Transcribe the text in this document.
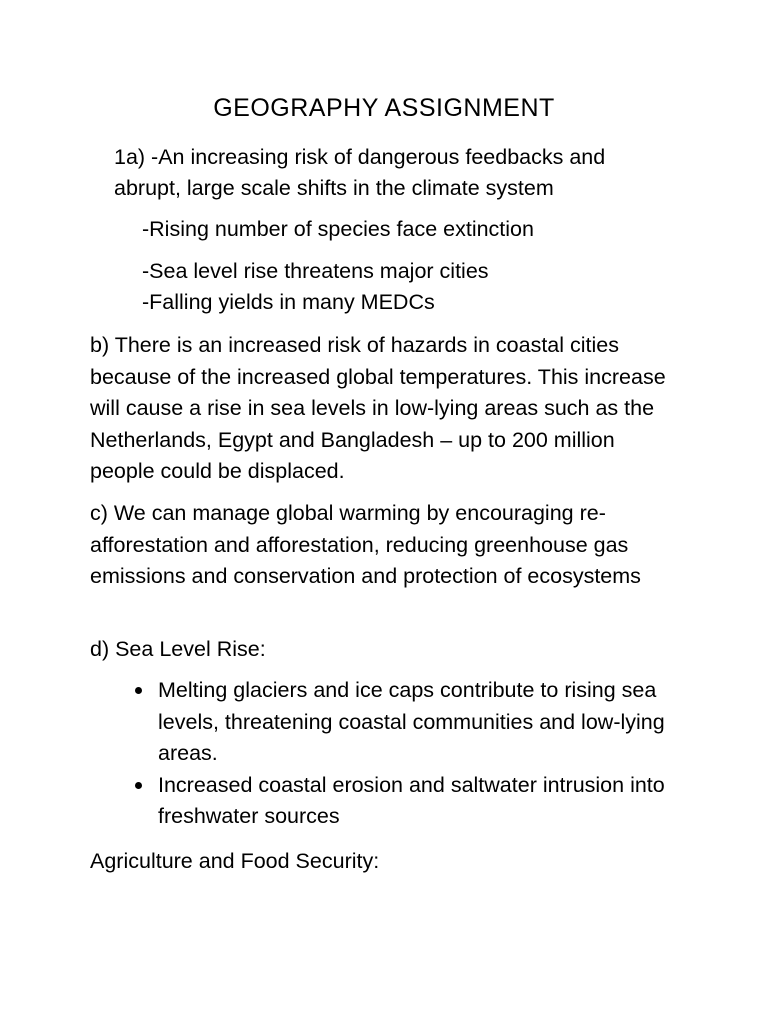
GEOGRAPHY ASSIGNMENT
1a) -An increasing risk of dangerous feedbacks and
abrupt, large scale shifts in the climate system
-Rising number of species face extinction
-Sea level rise threatens major cities
-Falling yields in many MEDCs
b) There is an increased risk of hazards in coastal cities because of the increased global temperatures. This increase will cause a rise in sea levels in low-lying areas such as the Netherlands, Egypt and Bangladesh – up to 200 million people could be displaced.
c) We can manage global warming by encouraging re-afforestation and afforestation, reducing greenhouse gas emissions and conservation and protection of ecosystems
d) Sea Level Rise:
Melting glaciers and ice caps contribute to rising sea levels, threatening coastal communities and low-lying areas.
Increased coastal erosion and saltwater intrusion into freshwater sources
Agriculture and Food Security:
